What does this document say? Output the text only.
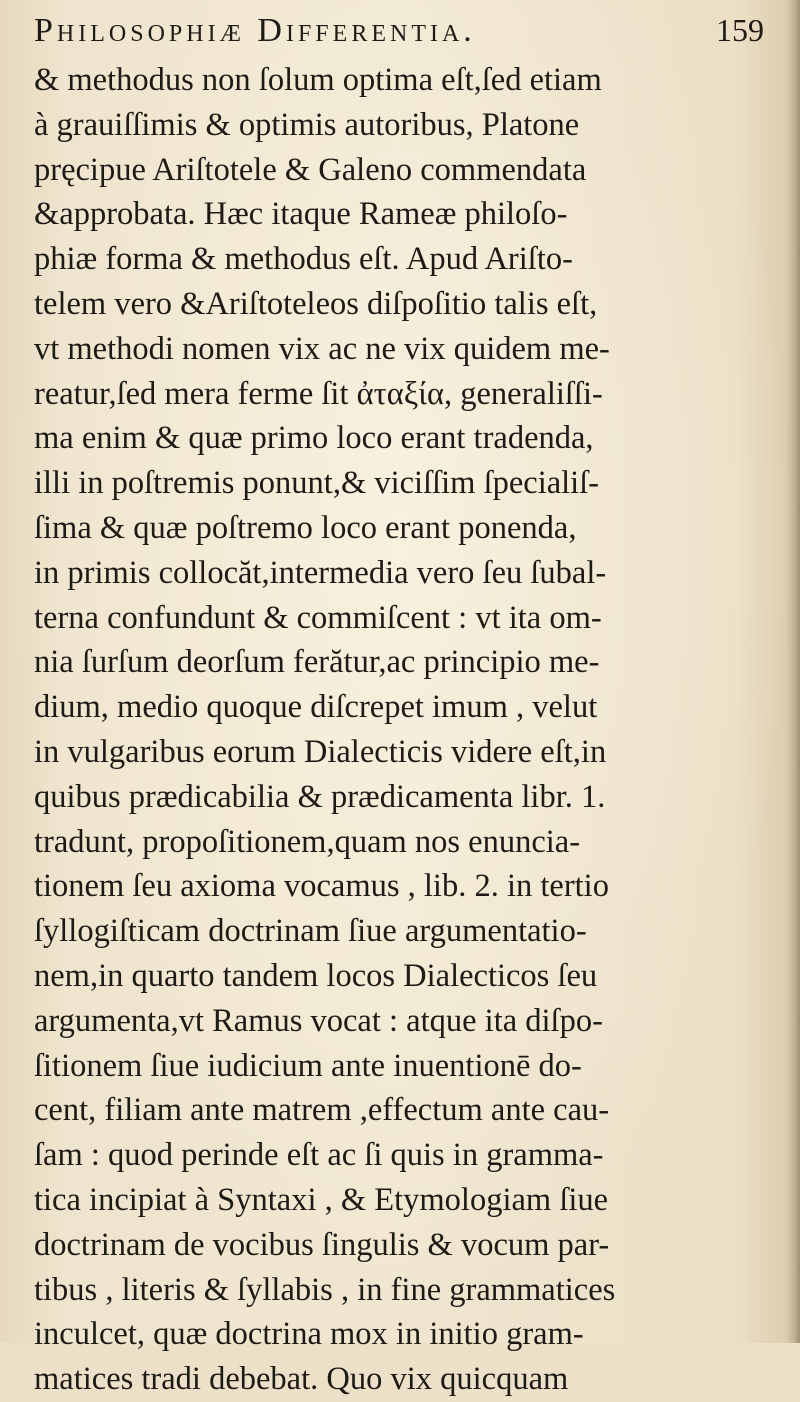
Philosophiæ Differentia.	159
& methodus non ſolum optima eſt,ſed etiam
à grauiſſimis & optimis autoribus, Platone
pręcipue Ariſtotele & Galeno commendata
&approbata. Hæc itaque Rameæ philoſo-
phiæ forma & methodus eſt. Apud Ariſto-
telem vero &Ariſtoteleos diſpoſitio talis eſt,
vt methodi nomen vix ac ne vix quidem me-
reatur,ſed mera ferme ſit ἀταξία, generaliſſi-
ma enim & quæ primo loco erant tradenda,
illi in poſtremis ponunt,& viciſſim ſpecialiſ-
ſima & quæ poſtremo loco erant ponenda,
in primis collocăt,intermedia vero ſeu ſubal-
terna confundunt & commiſcent : vt ita om-
nia ſurſum deorſum ferătur,ac principio me-
dium, medio quoque diſcrepet imum , velut
in vulgaribus eorum Dialecticis videre eſt,in
quibus prædicabilia & prædicamenta libr. 1.
tradunt, propoſitionem,quam nos enuncia-
tionem ſeu axioma vocamus , lib. 2. in tertio
ſyllogiſticam doctrinam ſiue argumentatio-
nem,in quarto tandem locos Dialecticos ſeu
argumenta,vt Ramus vocat : atque ita diſpo-
ſitionem ſiue iudicium ante inuentionē do-
cent, filiam ante matrem ,effectum ante cau-
ſam : quod perinde eſt ac ſi quis in gramma-
tica incipiat à Syntaxi , & Etymologiam ſiue
doctrinam de vocibus ſingulis & vocum par-
tibus , literis & ſyllabis , in fine grammatices
inculcet, quæ doctrina mox in initio gram-
matices tradi debebat. Quo vix quicquam
